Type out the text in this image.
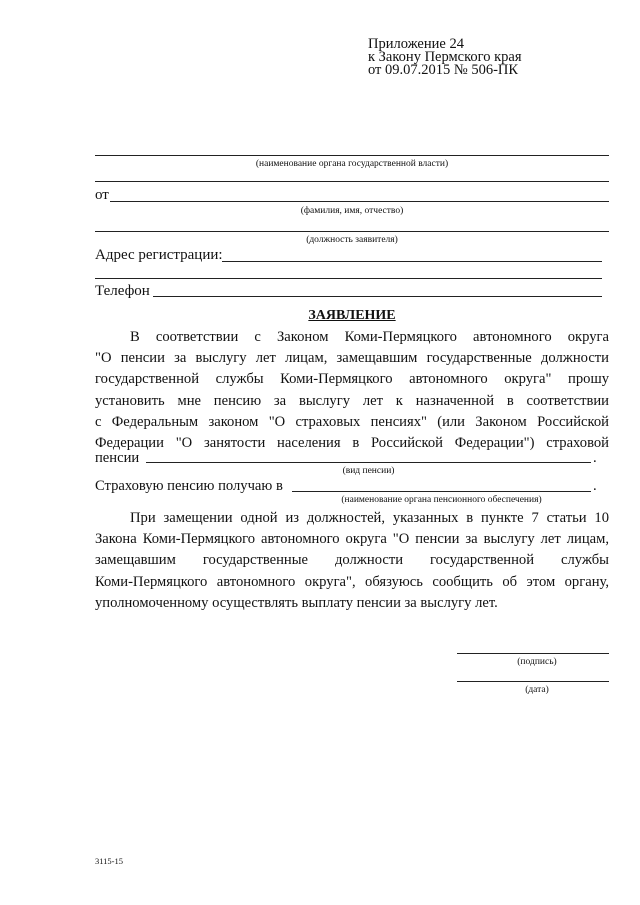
Приложение 24
к Закону Пермского края
от 09.07.2015 № 506-ПК
(наименование органа государственной власти)
от
(фамилия, имя, отчество)
(должность заявителя)
Адрес регистрации:
Телефон
ЗАЯВЛЕНИЕ
В соответствии с Законом Коми-Пермяцкого автономного округа
"О пенсии за выслугу лет лицам, замещавшим государственные должности
государственной службы Коми-Пермяцкого автономного округа" прошу
установить мне пенсию за выслугу лет к назначенной в соответствии
с Федеральным законом "О страховых пенсиях" (или Законом Российской
Федерации "О занятости населения в Российской Федерации") страховой
пенсии	.
(вид пенсии)
Страховую пенсию получаю в	.
(наименование органа пенсионного обеспечения)
При замещении одной из должностей, указанных в пункте 7 статьи 10
Закона Коми-Пермяцкого автономного округа "О пенсии за выслугу лет лицам,
замещавшим государственные должности государственной службы
Коми-Пермяцкого автономного округа", обязуюсь сообщить об этом органу,
уполномоченному осуществлять выплату пенсии за выслугу лет.
(подпись)
(дата)
3115-15
